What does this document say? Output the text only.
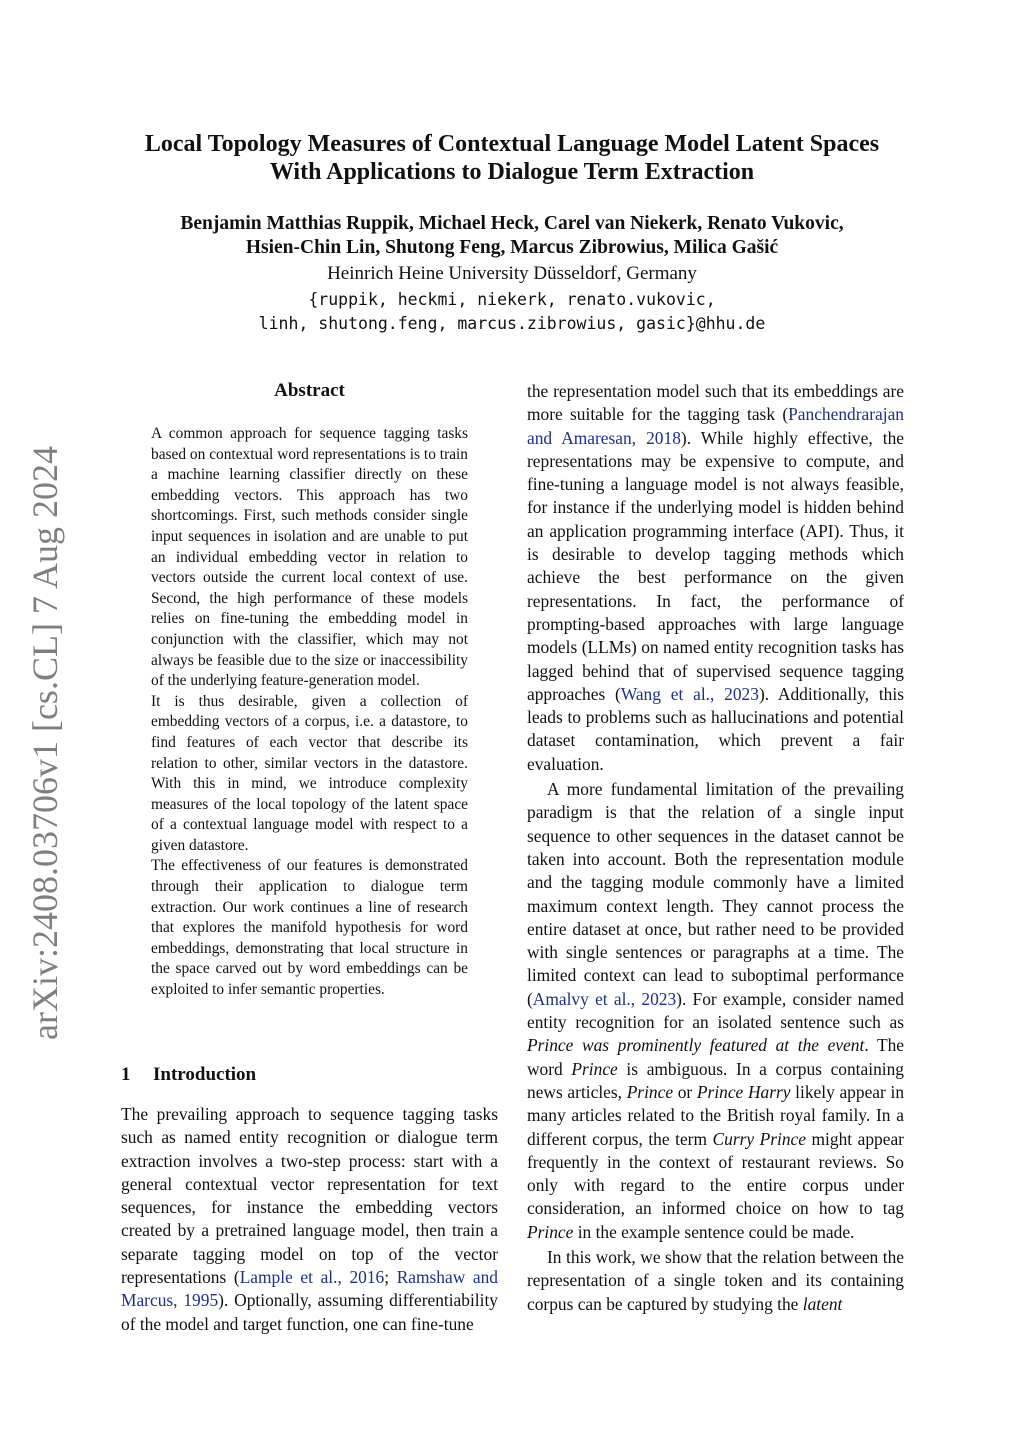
arXiv:2408.03706v1 [cs.CL] 7 Aug 2024
Local Topology Measures of Contextual Language Model Latent Spaces
With Applications to Dialogue Term Extraction
Benjamin Matthias Ruppik, Michael Heck, Carel van Niekerk, Renato Vukovic,
Hsien-Chin Lin, Shutong Feng, Marcus Zibrowius, Milica Gašić
Heinrich Heine University Düsseldorf, Germany
{ruppik, heckmi, niekerk, renato.vukovic,
linh, shutong.feng, marcus.zibrowius, gasic}@hhu.de
Abstract

A common approach for sequence tagging tasks based on contextual word representations is to train a machine learning classifier directly on these embedding vectors. This approach has two shortcomings. First, such methods consider single input sequences in isolation and are unable to put an individual embedding vector in relation to vectors outside the current local context of use. Second, the high performance of these models relies on fine-tuning the embedding model in conjunction with the classifier, which may not always be feasible due to the size or inaccessibility of the underlying feature-generation model.

It is thus desirable, given a collection of embedding vectors of a corpus, i.e. a datastore, to find features of each vector that describe its relation to other, similar vectors in the datastore. With this in mind, we introduce complexity measures of the local topology of the latent space of a contextual language model with respect to a given datastore.

The effectiveness of our features is demonstrated through their application to dialogue term extraction. Our work continues a line of research that explores the manifold hypothesis for word embeddings, demonstrating that local structure in the space carved out by word embeddings can be exploited to infer semantic properties.

1 Introduction
The prevailing approach to sequence tagging tasks such as named entity recognition or dialogue term extraction involves a two-step process: start with a general contextual vector representation for text sequences, for instance the embedding vectors created by a pretrained language model, then train a separate tagging model on top of the vector representations (Lample et al., 2016; Ramshaw and Marcus, 1995). Optionally, assuming differentiability of the model and target function, one can fine-tune

the representation model such that its embeddings are more suitable for the tagging task (Panchendrarajan and Amaresan, 2018). While highly effective, the representations may be expensive to compute, and fine-tuning a language model is not always feasible, for instance if the underlying model is hidden behind an application programming interface (API). Thus, it is desirable to develop tagging methods which achieve the best performance on the given representations. In fact, the performance of prompting-based approaches with large language models (LLMs) on named entity recognition tasks has lagged behind that of supervised sequence tagging approaches (Wang et al., 2023). Additionally, this leads to problems such as hallucinations and potential dataset contamination, which prevent a fair evaluation.

A more fundamental limitation of the prevailing paradigm is that the relation of a single input sequence to other sequences in the dataset cannot be taken into account. Both the representation module and the tagging module commonly have a limited maximum context length. They cannot process the entire dataset at once, but rather need to be provided with single sentences or paragraphs at a time. The limited context can lead to suboptimal performance (Amalvy et al., 2023). For example, consider named entity recognition for an isolated sentence such as Prince was prominently featured at the event. The word Prince is ambiguous. In a corpus containing news articles, Prince or Prince Harry likely appear in many articles related to the British royal family. In a different corpus, the term Curry Prince might appear frequently in the context of restaurant reviews. So only with regard to the entire corpus under consideration, an informed choice on how to tag Prince in the example sentence could be made.

In this work, we show that the relation between the representation of a single token and its containing corpus can be captured by studying the latent
